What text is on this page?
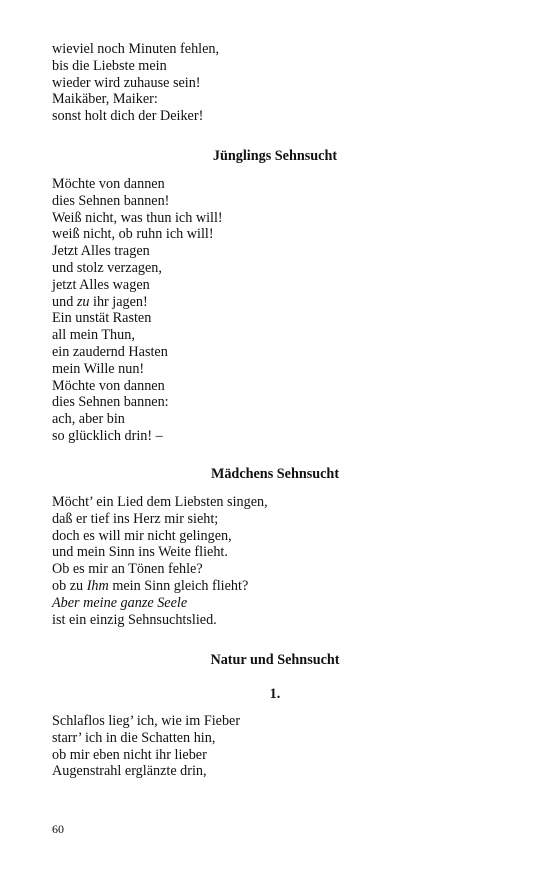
wieviel noch Minuten fehlen,
bis die Liebste mein
wieder wird zuhause sein!
Maikäber, Maiker:
sonst holt dich der Deiker!
Jünglings Sehnsucht
Möchte von dannen
dies Sehnen bannen!
Weiß nicht, was thun ich will!
weiß nicht, ob ruhn ich will!
Jetzt Alles tragen
und stolz verzagen,
jetzt Alles wagen
und zu ihr jagen!
Ein unstät Rasten
all mein Thun,
ein zaudernd Hasten
mein Wille nun!
Möchte von dannen
dies Sehnen bannen:
ach, aber bin
so glücklich drin! –
Mädchens Sehnsucht
Möcht’ ein Lied dem Liebsten singen,
daß er tief ins Herz mir sieht;
doch es will mir nicht gelingen,
und mein Sinn ins Weite flieht.
Ob es mir an Tönen fehle?
ob zu Ihm mein Sinn gleich flieht?
Aber meine ganze Seele
ist ein einzig Sehnsuchtslied.
Natur und Sehnsucht
1.
Schlaflos lieg’ ich, wie im Fieber
starr’ ich in die Schatten hin,
ob mir eben nicht ihr lieber
Augenstrahl erglänzte drin,
60
